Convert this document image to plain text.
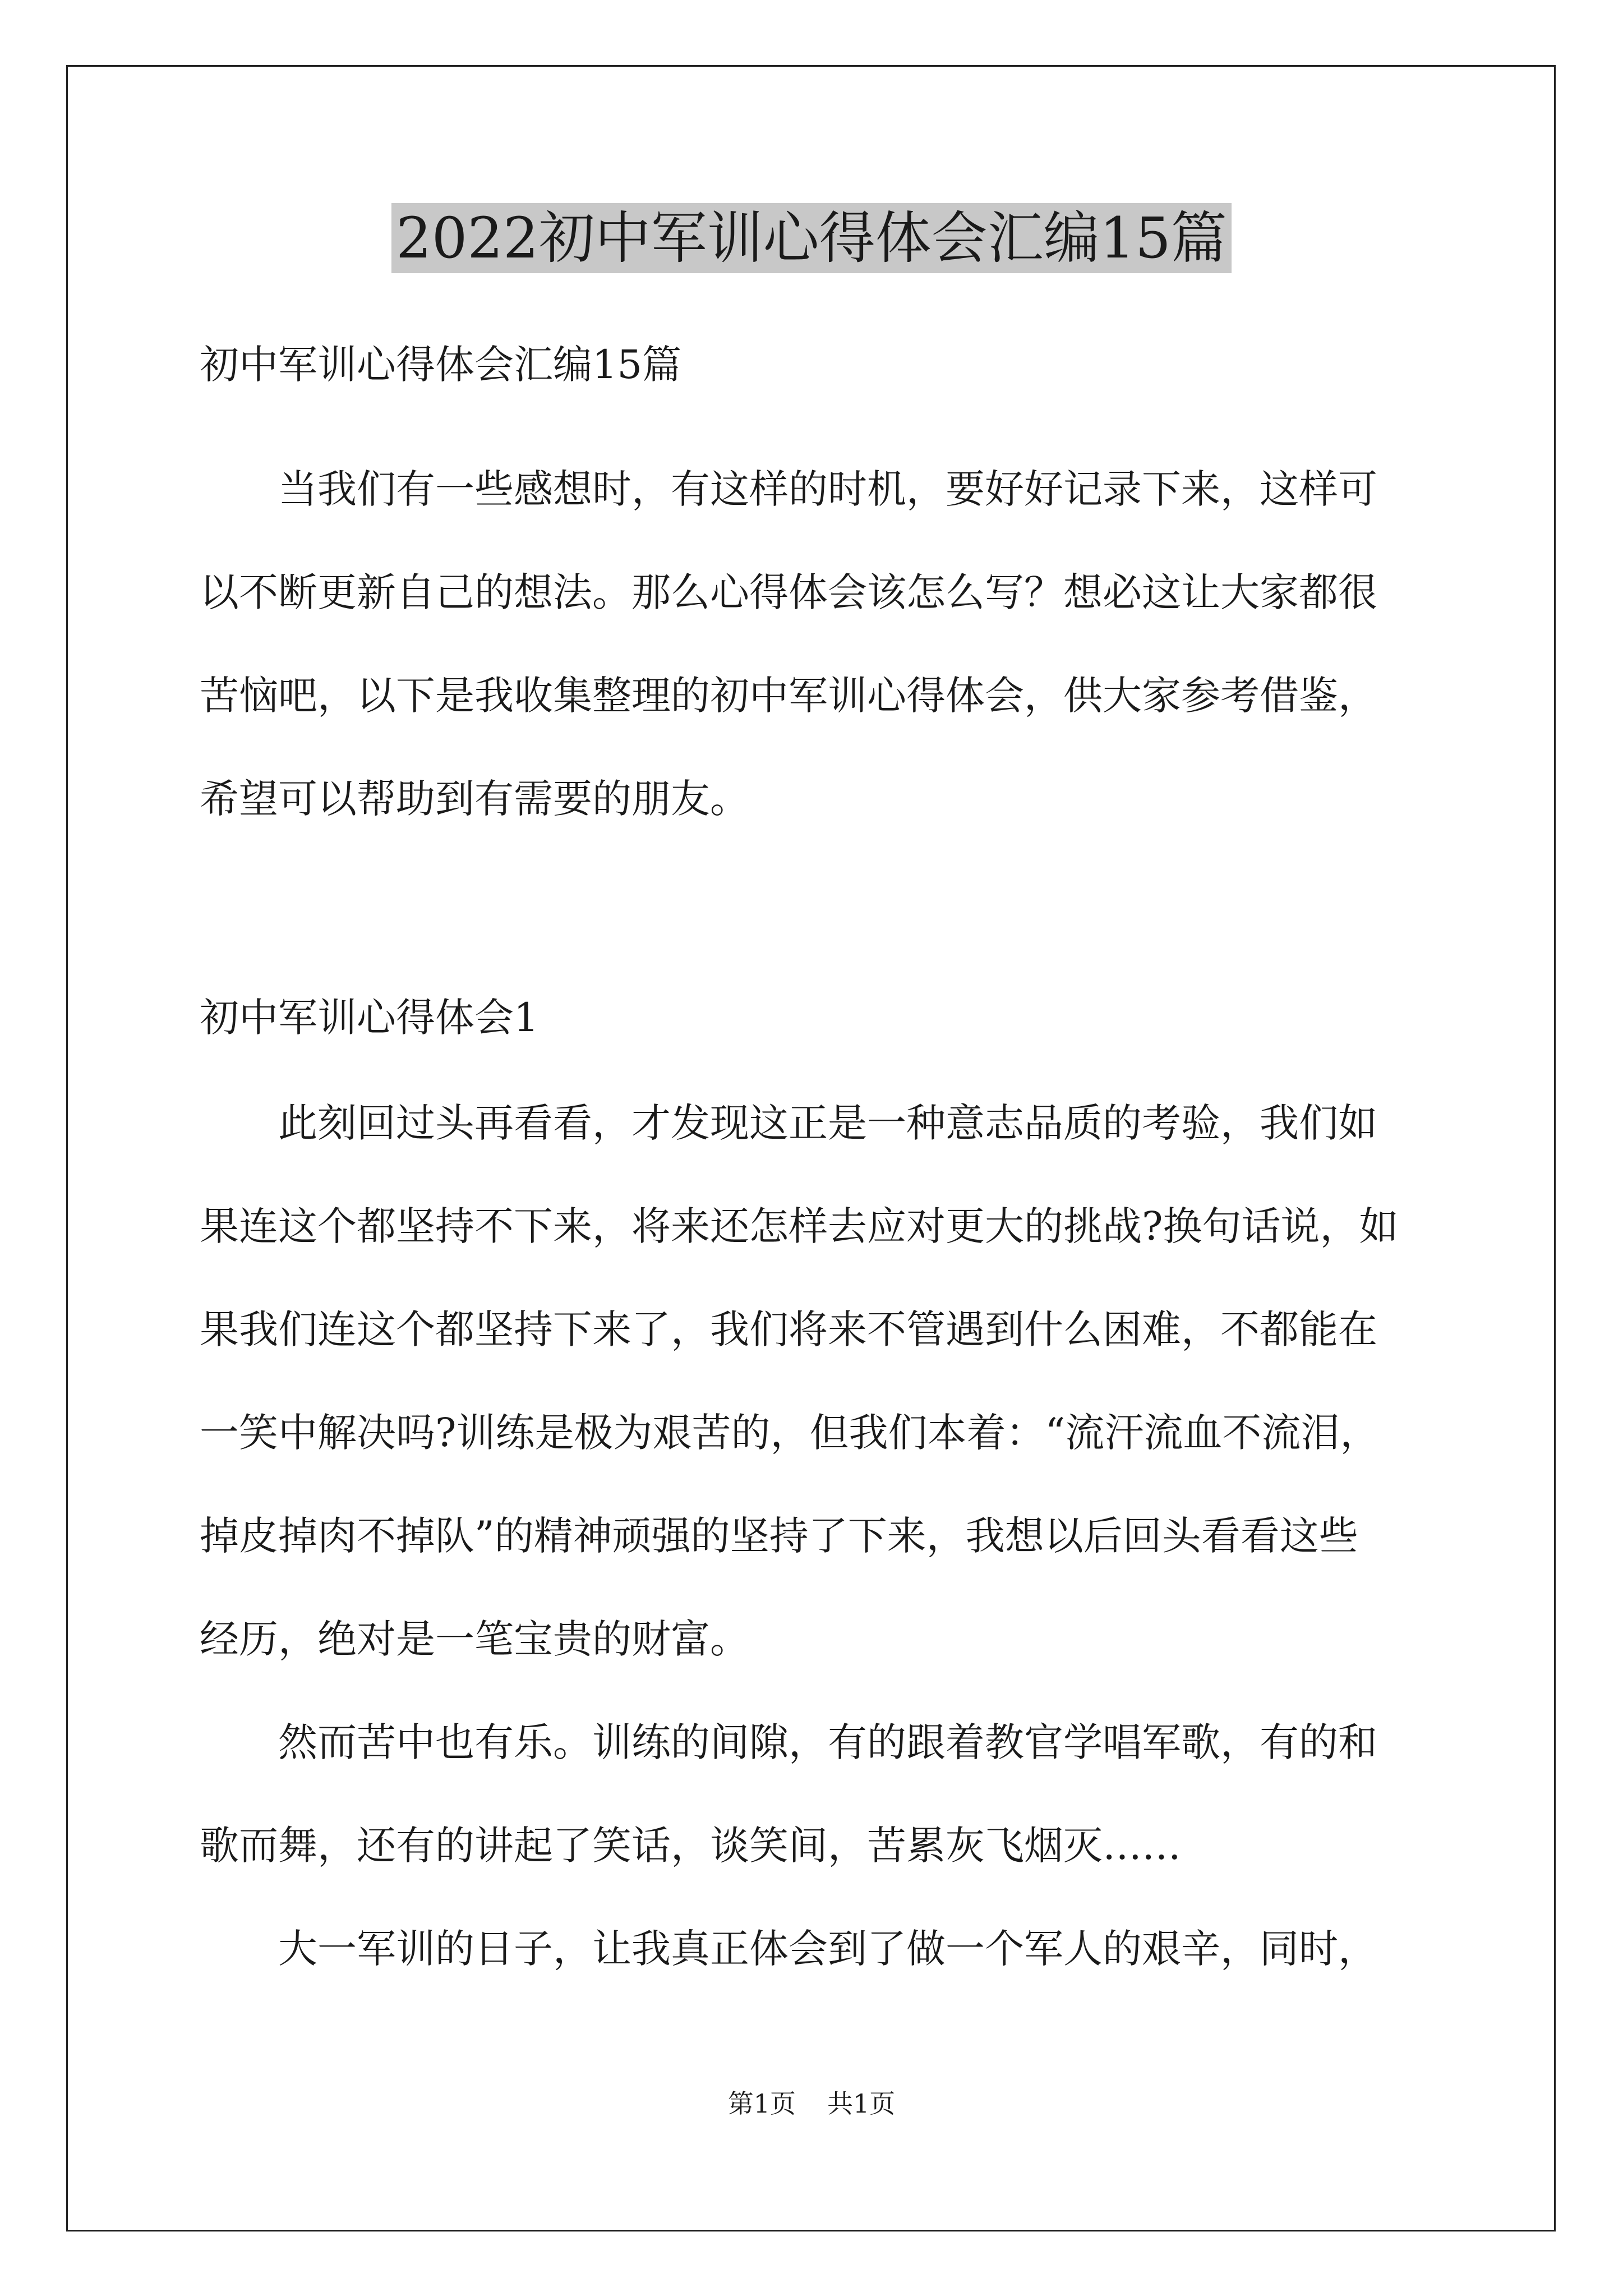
2022初中军训心得体会汇编15篇

初中军训心得体会汇编15篇

当我们有一些感想时，有这样的时机，要好好记录下来，这样可

以不断更新自己的想法。那么心得体会该怎么写？想必这让大家都很

苦恼吧，以下是我收集整理的初中军训心得体会，供大家参考借鉴，

希望可以帮助到有需要的朋友。

初中军训心得体会1

此刻回过头再看看，才发现这正是一种意志品质的考验，我们如

果连这个都坚持不下来，将来还怎样去应对更大的挑战?换句话说，如

果我们连这个都坚持下来了，我们将来不管遇到什么困难，不都能在

一笑中解决吗?训练是极为艰苦的，但我们本着：“流汗流血不流泪，

掉皮掉肉不掉队”的精神顽强的坚持了下来，我想以后回头看看这些

经历，绝对是一笔宝贵的财富。

然而苦中也有乐。训练的间隙，有的跟着教官学唱军歌，有的和

歌而舞，还有的讲起了笑话，谈笑间，苦累灰飞烟灭……

大一军训的日子，让我真正体会到了做一个军人的艰辛，同时，

第1页 共1页
